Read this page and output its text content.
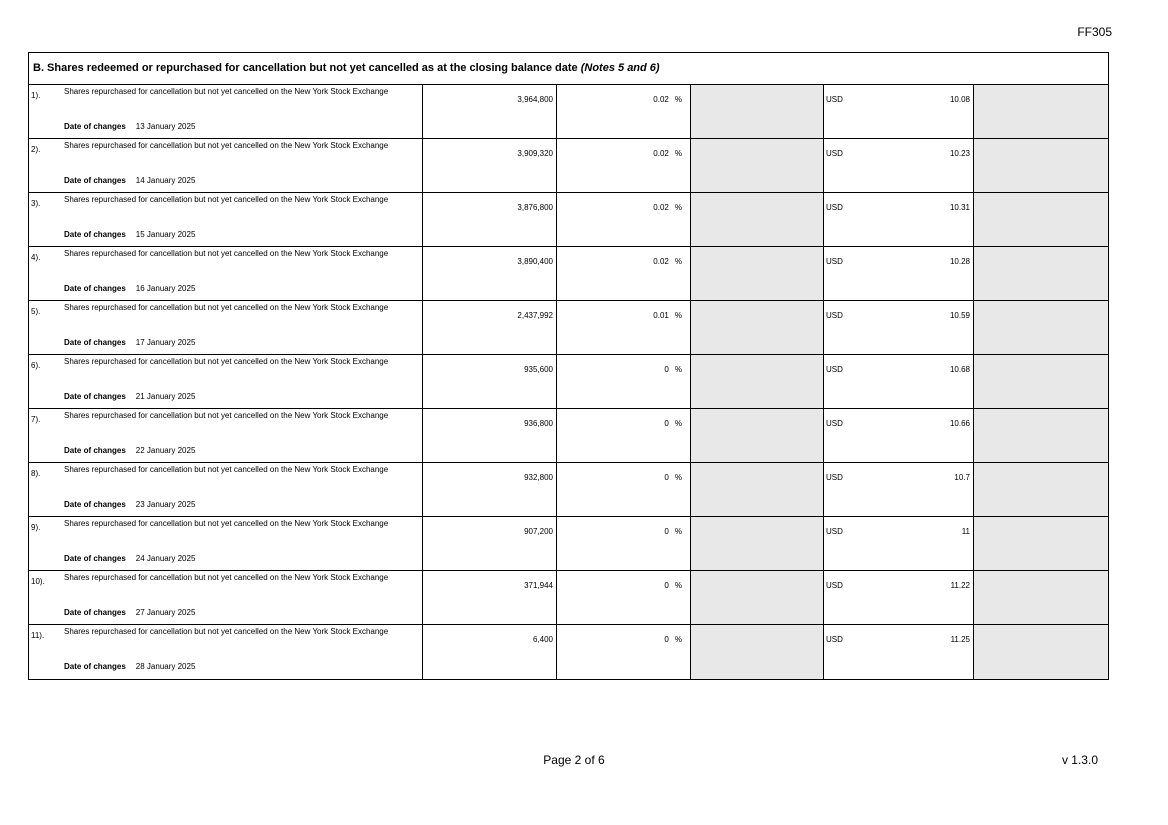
FF305
B. Shares redeemed or repurchased for cancellation but not yet cancelled as at the closing balance date (Notes 5 and 6)
1).	Shares repurchased for cancellation but not yet cancelled on the New York Stock Exchange
Date of changes 13 January 2025
3,964,800	0.02 %	USD	10.08
2).	Shares repurchased for cancellation but not yet cancelled on the New York Stock Exchange
Date of changes 14 January 2025
3,909,320	0.02 %	USD	10.23
3).	Shares repurchased for cancellation but not yet cancelled on the New York Stock Exchange
Date of changes 15 January 2025
3,876,800	0.02 %	USD	10.31
4).	Shares repurchased for cancellation but not yet cancelled on the New York Stock Exchange
Date of changes 16 January 2025
3,890,400	0.02 %	USD	10.28
5).	Shares repurchased for cancellation but not yet cancelled on the New York Stock Exchange
Date of changes 17 January 2025
2,437,992	0.01 %	USD	10.59
6).	Shares repurchased for cancellation but not yet cancelled on the New York Stock Exchange
Date of changes 21 January 2025
935,600	0 %	USD	10.68
7).	Shares repurchased for cancellation but not yet cancelled on the New York Stock Exchange
Date of changes 22 January 2025
936,800	0 %	USD	10.66
8).	Shares repurchased for cancellation but not yet cancelled on the New York Stock Exchange
Date of changes 23 January 2025
932,800	0 %	USD	10.7
9).	Shares repurchased for cancellation but not yet cancelled on the New York Stock Exchange
Date of changes 24 January 2025
907,200	0 %	USD	11
10).	Shares repurchased for cancellation but not yet cancelled on the New York Stock Exchange
Date of changes 27 January 2025
371,944	0 %	USD	11.22
11).	Shares repurchased for cancellation but not yet cancelled on the New York Stock Exchange
Date of changes 28 January 2025
6,400	0 %	USD	11.25
Page 2 of 6	v 1.3.0
